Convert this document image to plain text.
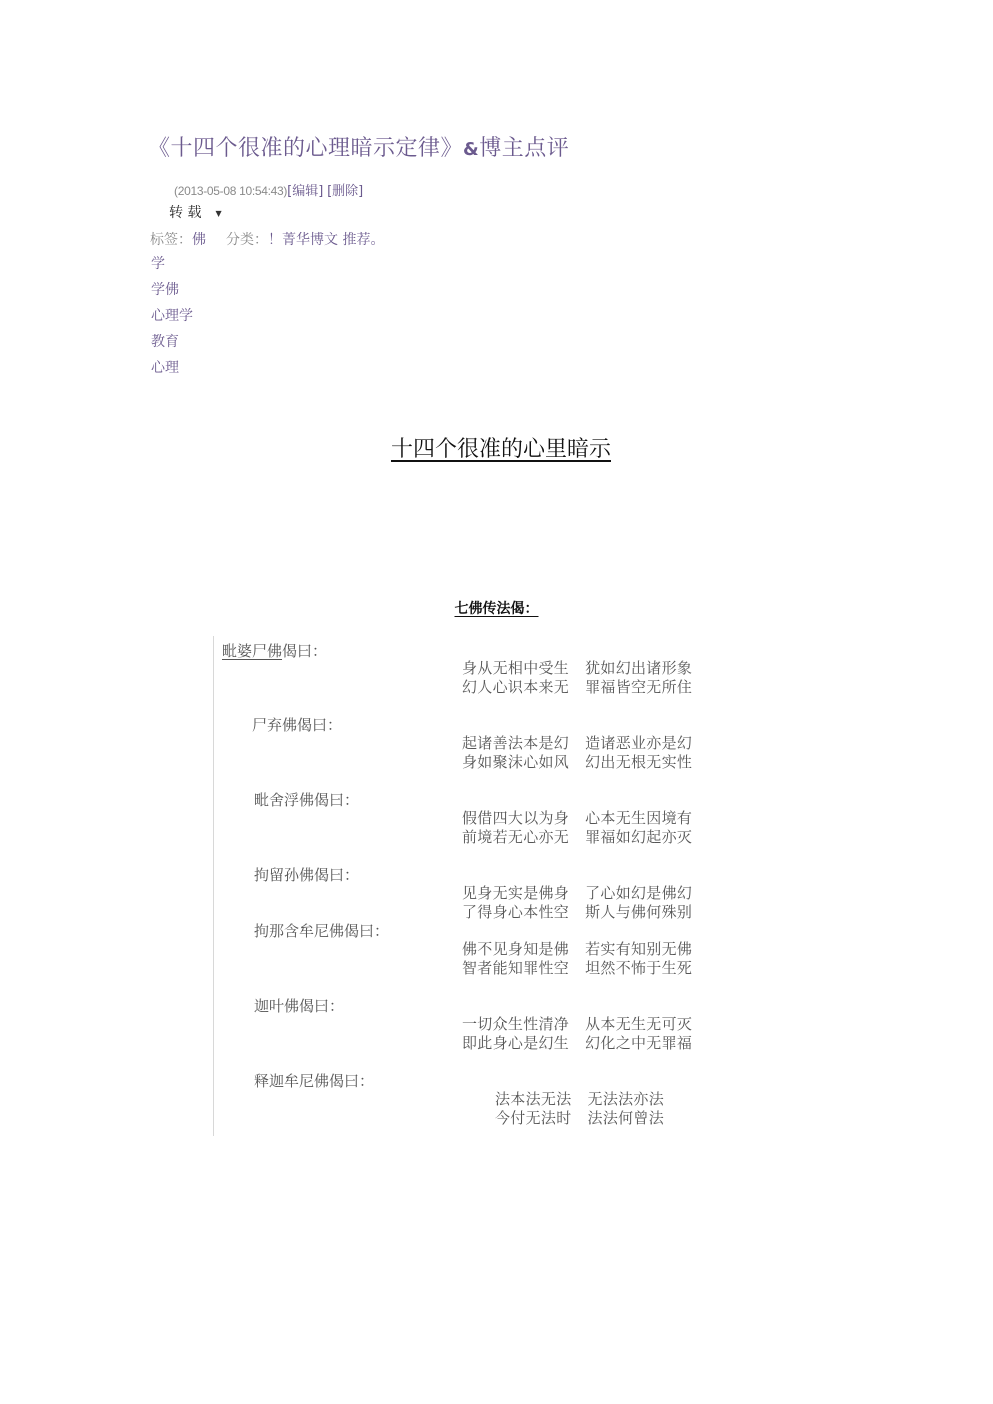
《十四个很准的心理暗示定律》&博主点评
(2013-05-08 10:54:43)[编辑] [删除]
转 载 ▼
标签：佛 分类：！菁华博文 推荐。
学
学佛
心理学
教育
心理
十四个很准的心里暗示
七佛传法偈：
毗婆尸佛偈曰：
身从无相中受生 犹如幻出诸形象
幻人心识本来无 罪福皆空无所住
尸弃佛偈曰：
起诸善法本是幻 造诸恶业亦是幻
身如聚沫心如风 幻出无根无实性
毗舍浮佛偈曰：
假借四大以为身 心本无生因境有
前境若无心亦无 罪福如幻起亦灭
拘留孙佛偈曰：
见身无实是佛身 了心如幻是佛幻
了得身心本性空 斯人与佛何殊别
拘那含牟尼佛偈曰：
佛不见身知是佛 若实有知别无佛
智者能知罪性空 坦然不怖于生死
迦叶佛偈曰：
一切众生性清净 从本无生无可灭
即此身心是幻生 幻化之中无罪福
释迦牟尼佛偈曰：
法本法无法 无法法亦法
今付无法时 法法何曾法
